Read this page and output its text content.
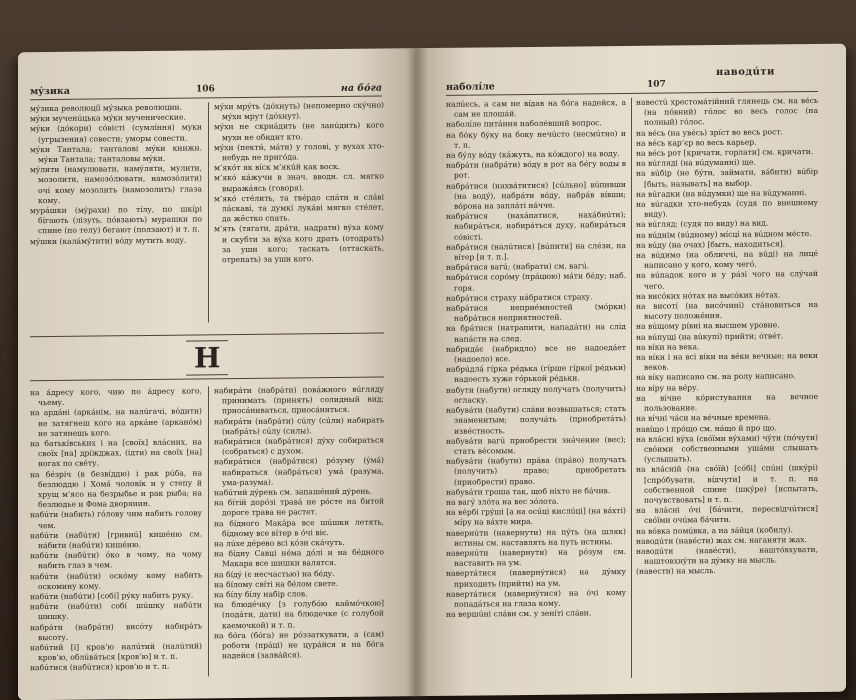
мýзика	106	на бóга

мýзика революцíї мýзыка революции.

мýки мученúцька мýки мученические.

мýки (дóкори) сóвісті (сумлíння) муки (угрызения) совести; уморы совести.

мýки Тантала; танталові мýки книжн. мýки Тантала; танталовы мýки.

мýлити (намулювати, намýляти, мулити, мозолити, намозóлювати, намозóлити) очí кому мозолить (намозолить) глаза кому.

мурáшки (мýрахи) по тíлу, по шкíрі бíгають (лізуть, пóвзають) мурашки по спине (по телу) бегают (ползают) и т. п.

мýшки (калáмýтити) вóду мутить воду.

мýхи мрýть (дóхнуть) (непомерно скýчно) мýхи мрут (дóхнут).

мýхи не скриáдить (не занúдить) кого мухи не обидит кто.

мýхи (пекти́, мáти) у голові, у вухах хто-небудь не пригóда.

м’якóт як вíск м’якúй как воск.

м’якó кáжучи в знач. вводн. сл. мягко выражáясь (говоря).

м’якó стéлить, та твéрдо спáти и слáві лáскаві, та думкí лукáві мягко стéлет, да жёстко спать.

м’ять (тягати, дрáти, надрати) вýха кому и скубти за вýха кого драть (отодрать) за уши кого; таскать (оттаскать, отрепать) за уши кого.

Н

на áдресу кого, чию по áдресу кого, чьему.

на ардáні (аркáнім, на налúгачі, вóдити) не затягнеш кого на аркáне (арканóм) не затянешь кого.

на батькíвських і на [своїх] влáсних, на своїх [на] дрíжджах, (ідти) на своїх [на] ногах по свéту.

на бéзріч (в безвíддю) і рак рúба, на безлюддю і Хомá чоловíк и у степу й хрущ м’ясо на безрыбье и рак рыба; на безлюдье и Фома дворянин.

набúти (набить) гóлову чим набить голову чем.

набúти (набúти) [гривнú] кишéню см. нáбити (набúти) кишéню.

набúти (набúти) óко в чому, на чому набить глаз в чем.

набúти (набúти) оскóму кому набить оскомину кому.

набúти (набúти) [собí] рýку набить руку.

набúти (набúти) собí шúшку набúти шишку.

набрáти (набрáти) висóту набирáть высоту.

набúтий [і] кров’ю налúтий (налúтий) кров’ю, облúвáться [кров’ю] и т. п.

набúтися (набúтися) кров’ю и т. п.

набирáти (набрáти) повáжного вúгляду принимать (принять) солидный вид; приосáниваться, приосáниться.

набирáти (набрáти) сúлу (сúли) набирать (набрáть) сúлу (силы).

набирáтися (набрáтися) дýху собираться (собраться) с духом.

набирáтися (набрáтися) рóзуму (ýмá) набираться (набрáться) умá (разума, ума-разума).

набúтий дýрень см. запашéний дýрень.

на бíтій дорóзі травá не рóсте на битой дороге трава не растет.

на бíдного Макáра все шúшки летять, бíдному все вíтер в óчі віє.

на лúхе дéрево всі кóзи скáчуть.

на бíдну Савці нéма дóлі и на бéдного Макара все шишки валятся.

на бíдý (є несчастью) на бéду.

на бíлому свíтi на бéлом свете.

на бíлу бíлу набір слов.

на блюдéчку [з голубóю каймóчкою] (подáти, дати) на блюдечке (с голубой каемочкой) и т. п.

на бóга (бóга) не рóззаткувати, а (сам) роботи (прáці) не цурáйся и на бóга надейся (залвáйся).

наводúти
наболíле	107

налúєсь, а сам не вíдав на бóга надейся, а сам не плошáй.

наболíле питáння наболéвший вопрос.

на бóку бýку на боку нечúсто (несмúтно) и т. п.

на бýлу вóду (кáжуть, на кóждого) на воду.

набрáти (набрáти) вóду в рот на бéгу воды в рот.

набрáтися (нахвáтитися) [сúльно] вúпивши (на водý), набрáти вóду, набрáв вíвши; вóрона на заплáті нáчче.

набрáтися (нахáпатися, нахáбнúти); набирáться, набирáться духу, набирáться сóвісті.

набрáтися (налúтися) [вúпити] на слéзи, на вíтер [и т. п.].

набрáтися вагú; (набрати) см. вагú.

набрáтися сорóму (прáцюю) мáти бéду; наб. горя.

набрáтися страху нáбратися страху.

набрáтися неприéмностей (мóрки) набрáтися неприятностей.

на брáтися (натрапити, нападáти) на слід напáсти на след.

набридáє (набридло) все не надоедáет (надоело) все.

набрúдлá гíрка ре́дька (гíрше гíркої ре́дьки) надоесть хуже гóрькой ре́дьки.

набути (набути) огляду получать (получить) огласку.

набувáти (набути) слáви возвышаться; стать знаменитым; получáть (приобретáть) извéстность.

набувáти вагú приобрести знáчение (вес); стать вéсомым.

набувáти (набути) прáва (прáво) получать (получить) право; приобретать (приобрести) право.

набувáти гроша так, щоб ніхто не бáчив.

на вагý злóта на вес зóлота.

на вéрбі грýші [а на осúці кислúці] (на вáхті) мíру на вáхте мира.

навернúти (навернути) на пýть (на шляк) истины см. наставлять на путь истины.

навернúти (навернути) на рóзум см. наставить на ум.

навертáтися (навернýтися) на дýмку приходить (прийти) на ум.

навертáтися (навернýтися) на óчі кому попадáться на глаза кому.

на вершúні слáви см. у зенíті слáви.

навестú хрестомáтійний глянець см. на вéсь (на пóвний) гóлос во весь голос (на полный) гóлос.

на вéсь (на увéсь) зрíст во весь рост.

на вéсь кар’єр во весь карьер.

на вéсь рот [кричати, горлати] см. кричати.

на вúгляді (на вúдуманні) ще.

на вúбір (не бýти, займати, вáбити) вúбір [быть, называть] на выбор.

на вúгадки (на вúдумки) ще на вúдуманні.

на вúгадки хто-небудь (судя по внешнему виду).

на вúгляд; (судя по виду) на вид.

на вúднім (вúдному) мíсцi на вúдном мéсте.

на вúду (на очах) [быть, находиться].

на вúдимо (на обличчі, на вúді) на лицé написано у кого, кому чегó.

на вúпадок кого и у рáзі чого на слýчай чего.

на висóких нóтах на высóких нóтах.

на висотí (на висóчині) стáновиться на высоту положéния.

на вúщому рíвнi на высшем уровне.

на вúпущі (на вúкупі) прийти; óтвéт.

на вíки на века.

на вíки і на всі вíки на вéки вечные; на веки веков.

на вíку написано см. на ролу написано.

на вíру на вéру.

на вíчне кóристування на вечное пользование.

на вíчні чáси на вéчные времена.

навíщо і прóщо см. нáщо й про що.

на влáсні вýха (свóїми вýхами) чýти (пóчути) свóими собственными ушáми слышать (услышать).

на влáсній (на свóїй) [сóбі] спúні (шкýрі) [спрóбувати, вíдчути] и т. п. на собственной спине (шкýре) [испытать, почувствовать] и т. п.

на влáсні óчі [бáчити, пересвідчúтися] свóїми очúма бáчити.

на вóвка помúвка, а на зáйця (кобилу).

наводúти (навéсти) жах см. наганяти жах.

наводúти (навéсти), нашто́вхувати, наштовхнýти на дýмку на мысль.

(навести) на мысль.
